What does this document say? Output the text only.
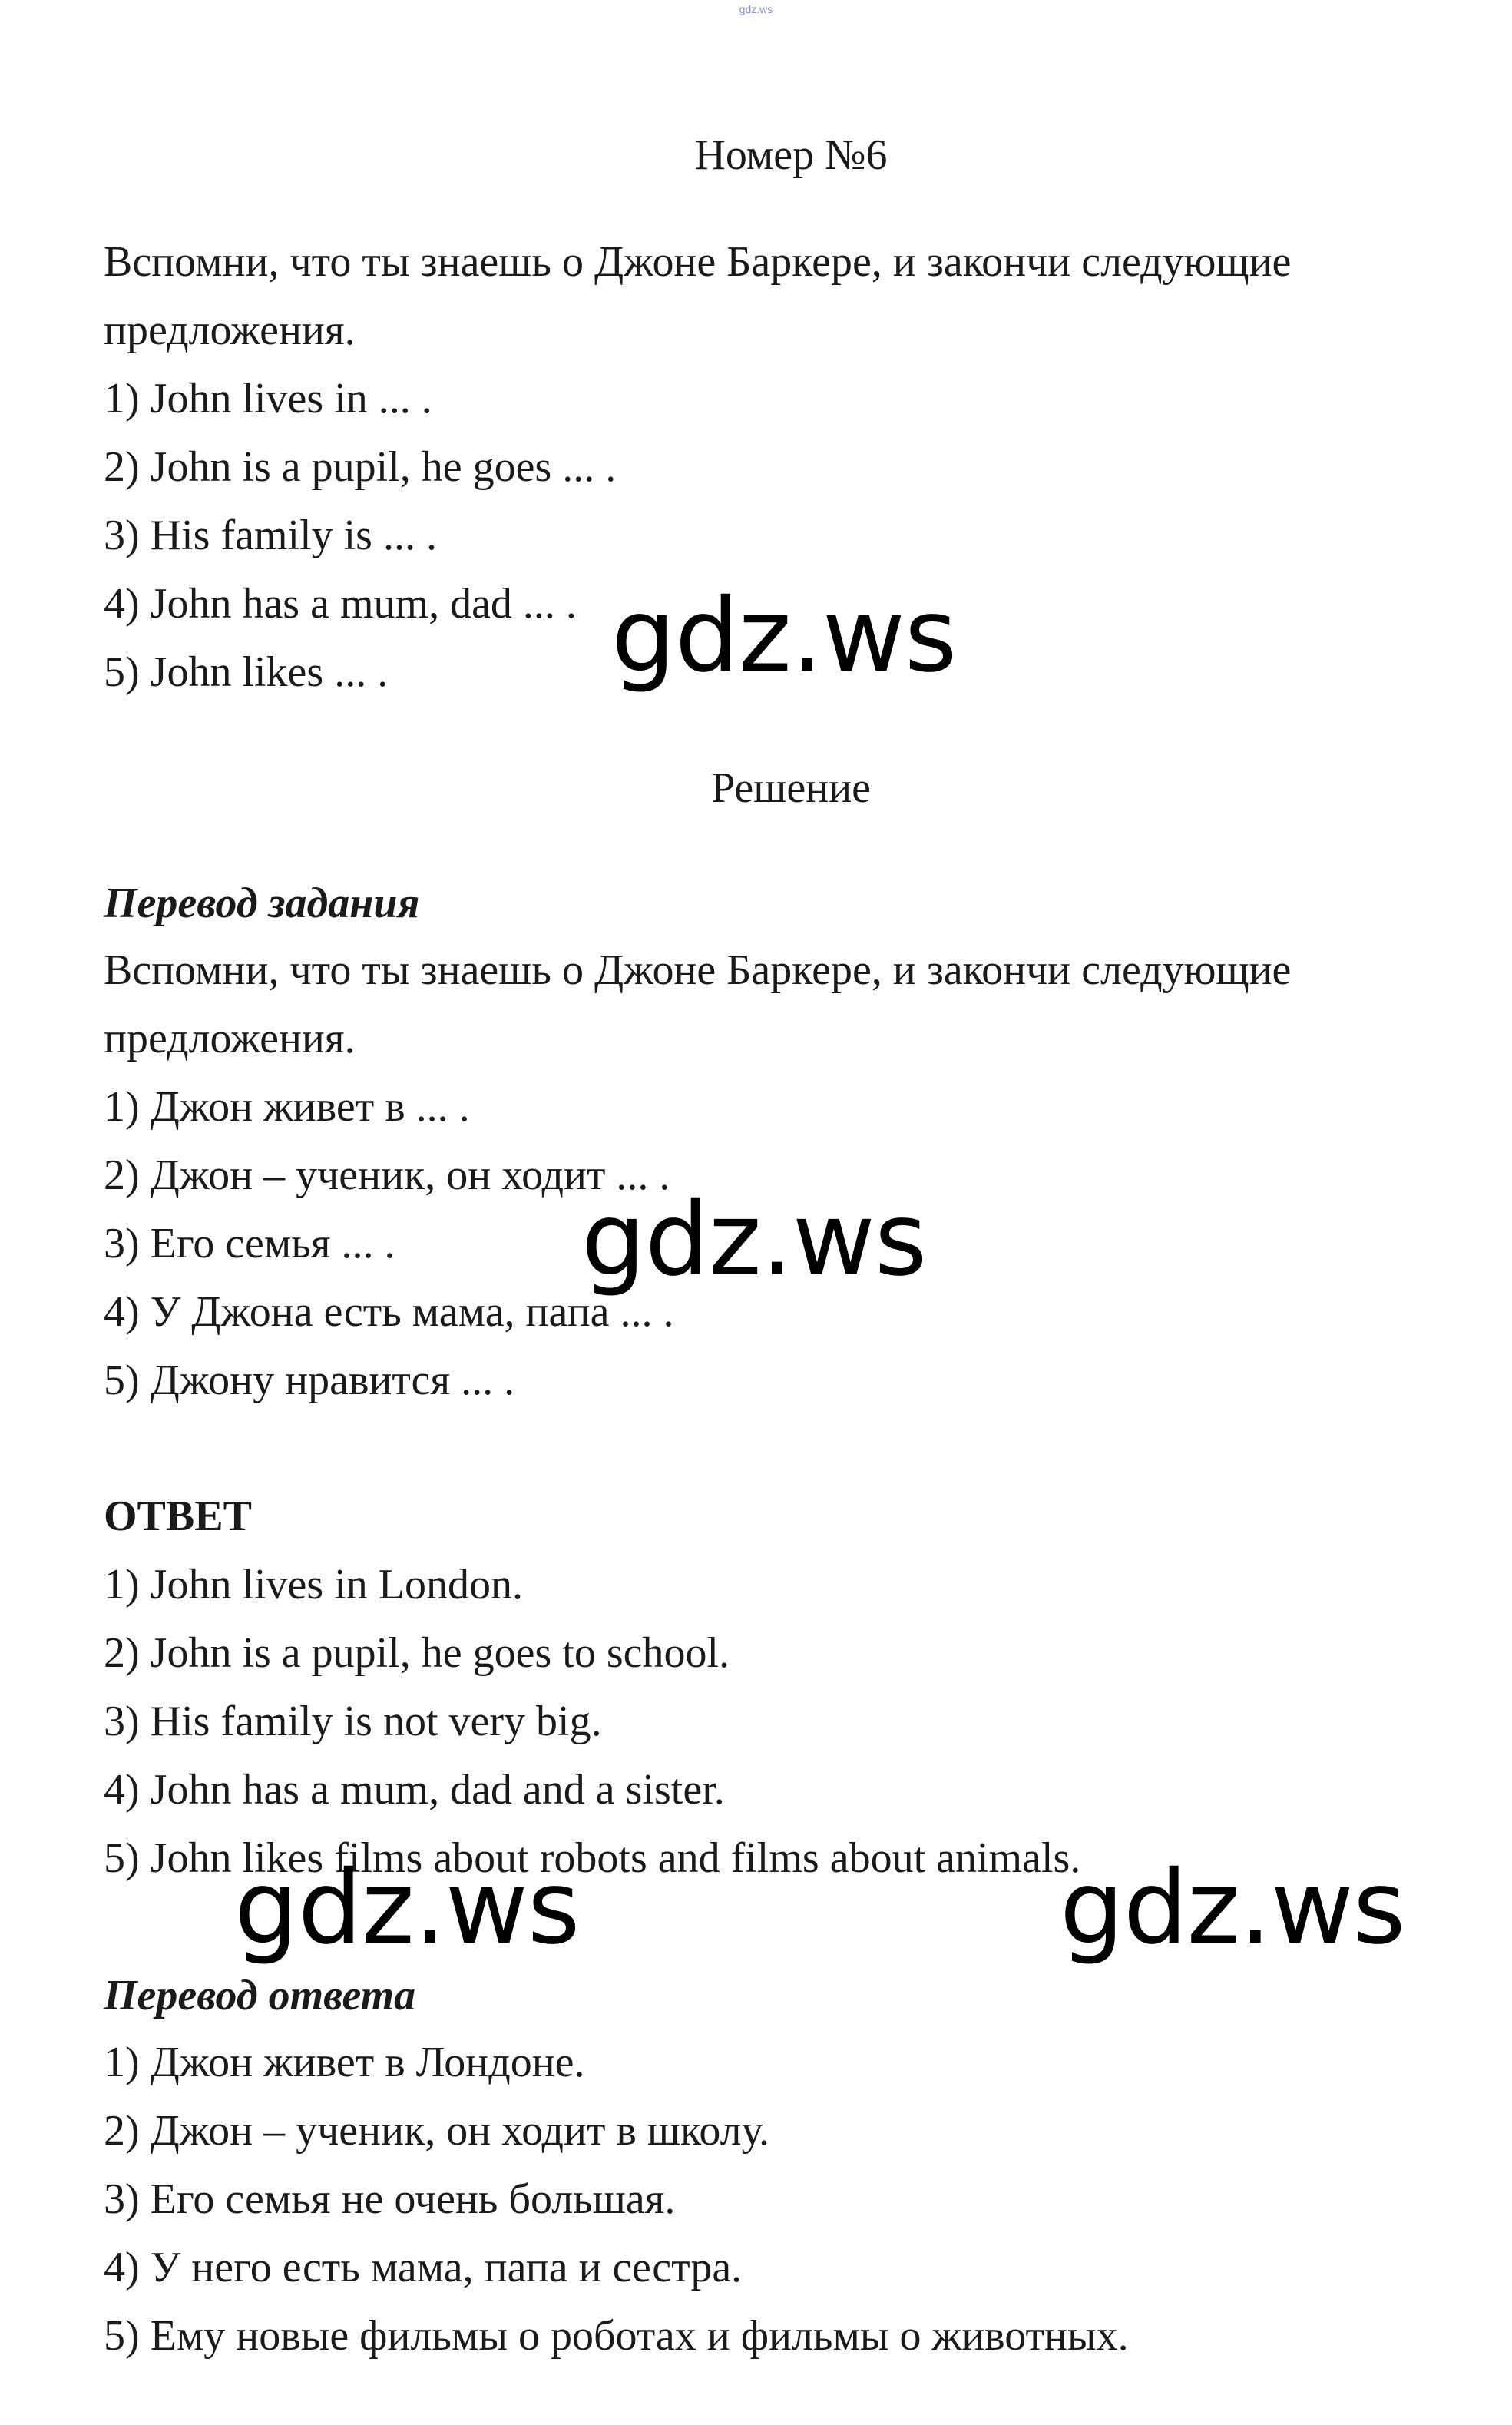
gdz.ws
Номер №6
Вспомни, что ты знаешь о Джоне Баркере, и закончи следующие
предложения.
1) John lives in ... .
2) John is a pupil, he goes ... .
3) His family is ... .
4) John has a mum, dad ... .
5) John likes ... .
Решение
Перевод задания
Вспомни, что ты знаешь о Джоне Баркере, и закончи следующие
предложения.
1) Джон живет в ... .
2) Джон – ученик, он ходит ... .
3) Его семья ... .
4) У Джона есть мама, папа ... .
5) Джону нравится ... .
ОТВЕТ
1) John lives in London.
2) John is a pupil, he goes to school.
3) His family is not very big.
4) John has a mum, dad and a sister.
5) John likes films about robots and films about animals.
Перевод ответа
1) Джон живет в Лондоне.
2) Джон – ученик, он ходит в школу.
3) Его семья не очень большая.
4) У него есть мама, папа и сестра.
5) Ему новые фильмы о роботах и фильмы о животных.
gdz.ws
gdz.ws
gdz.ws	gdz.ws
